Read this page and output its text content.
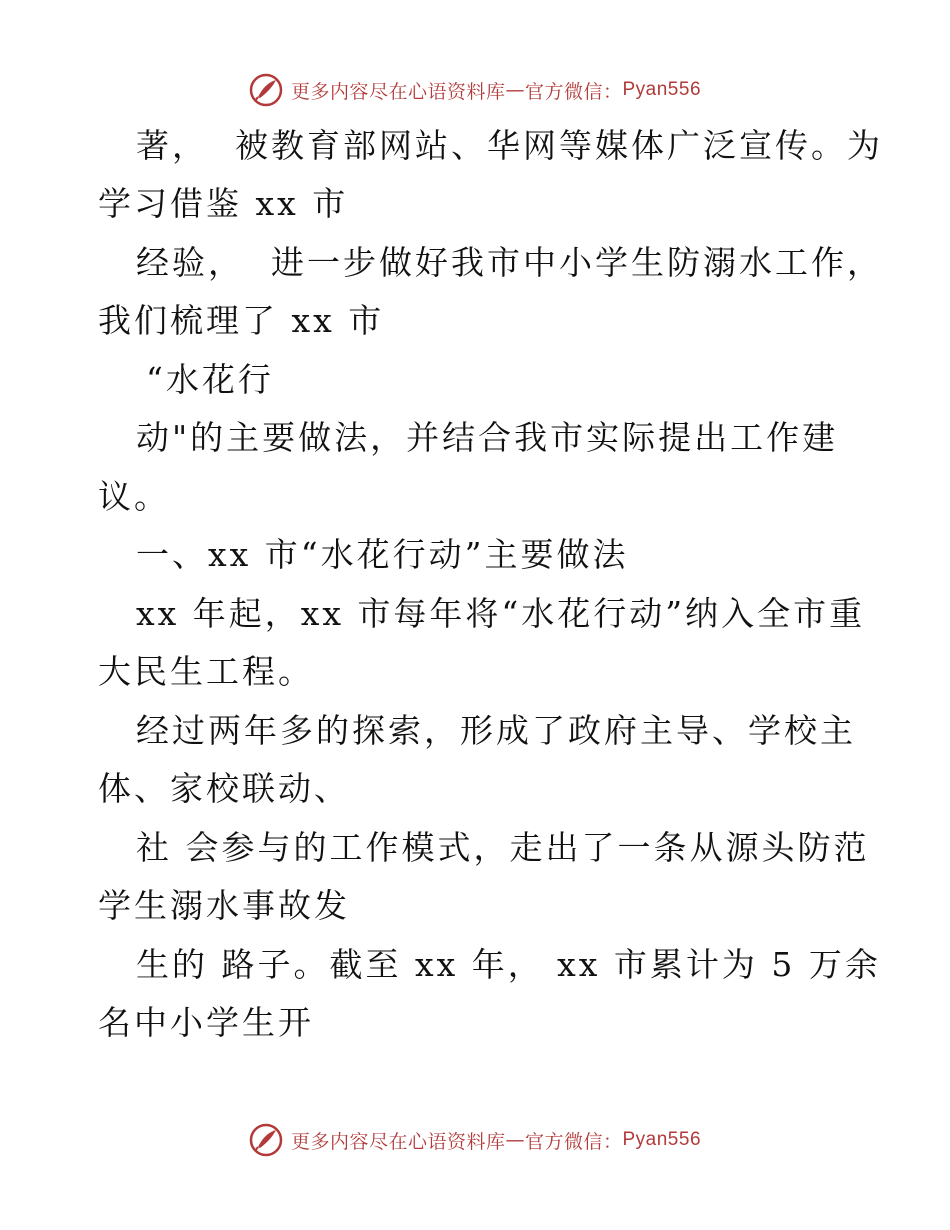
更多内容尽在心语资料库 — 官方微信： Pyan556
著，  被教育部网站、华网等媒体广泛宣传。为
学习借鉴 xx 市
经验，  进一步做好我市中小学生防溺水工作，
我们梳理了 xx 市
“水花行
动"的主要做法，并结合我市实际提出工作建
议。
一、xx 市“水花行动”主要做法
xx 年起，xx 市每年将“水花行动”纳入全市重
大民生工程。
经过两年多的探索，形成了政府主导、学校主
体、家校联动、
社 会参与的工作模式，走出了一条从源头防范
学生溺水事故发
生的 路子。截至 xx 年， xx 市累计为 5 万余
名中小学生开
更多内容尽在心语资料库 — 官方微信： Pyan556
